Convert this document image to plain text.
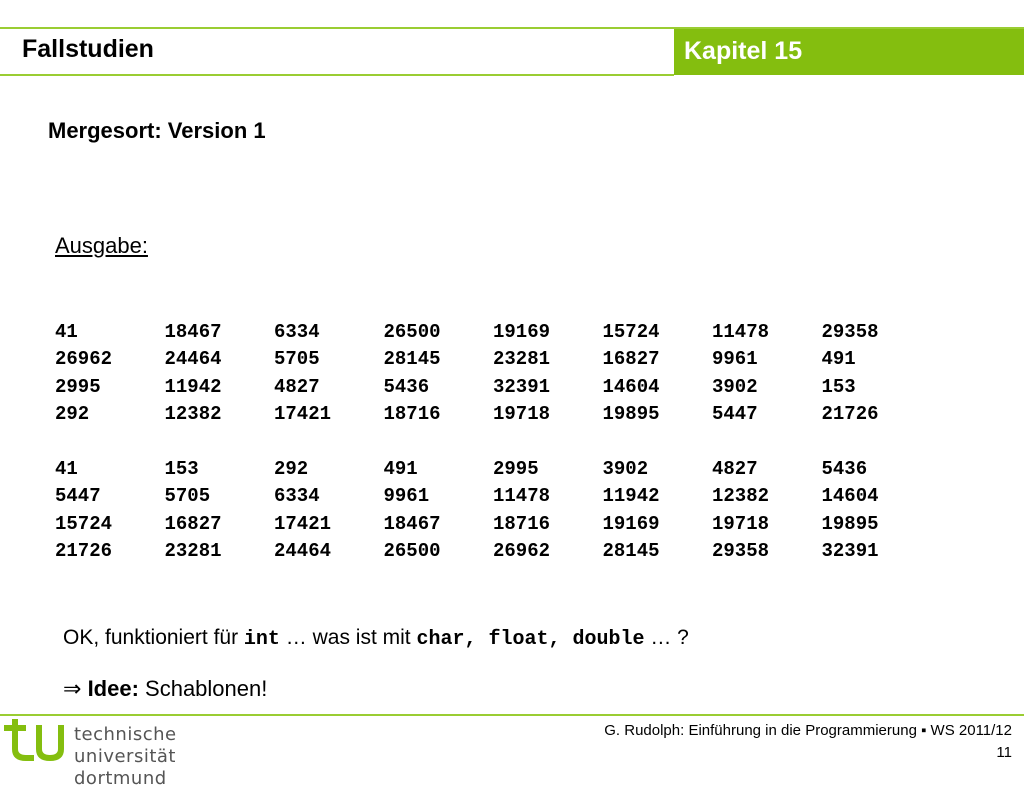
Fallstudien	Kapitel 15
Mergesort: Version 1
Ausgabe:
41	18467	6334	26500	19169	15724	11478	29358
26962	24464	5705	28145	23281	16827	9961	491
2995	11942	4827	5436	32391	14604	3902	153
292	12382	17421	18716	19718	19895	5447	21726
41	153	292	491	2995	3902	4827	5436
5447	5705	6334	9961	11478	11942	12382	14604
15724	16827	17421	18467	18716	19169	19718	19895
21726	23281	24464	26500	26962	28145	29358	32391
OK, funktioniert für int … was ist mit char, float, double … ?
⇒ Idee: Schablonen!
technische universität
dortmund
G. Rudolph: Einführung in die Programmierung ▪ WS 2011/12
11
